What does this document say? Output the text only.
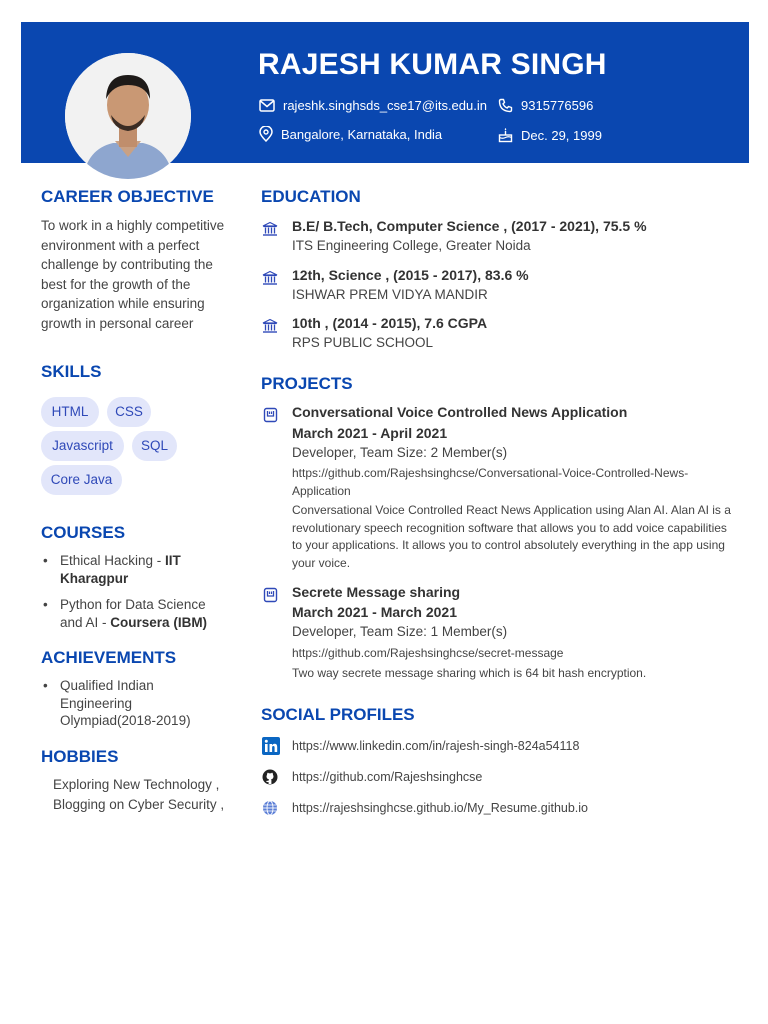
RAJESH KUMAR SINGH
rajeshk.singhsds_cse17@its.edu.in	9315776596
Bangalore, Karnataka, India	Dec. 29, 1999
CAREER OBJECTIVE
To work in a highly competitive environment with a perfect challenge by contributing the best for the growth of the organization while ensuring growth in personal career
SKILLS
HTML	CSS
Javascript	SQL
Core Java
COURSES
• Ethical Hacking - IIT Kharagpur
• Python for Data Science and AI - Coursera (IBM)
ACHIEVEMENTS
• Qualified Indian Engineering Olympiad(2018-2019)
HOBBIES
Exploring New Technology , Blogging on Cyber Security ,
EDUCATION
B.E/ B.Tech, Computer Science , (2017 - 2021), 75.5 %
ITS Engineering College, Greater Noida
12th, Science , (2015 - 2017), 83.6 %
ISHWAR PREM VIDYA MANDIR
10th , (2014 - 2015), 7.6 CGPA
RPS PUBLIC SCHOOL
PROJECTS
Conversational Voice Controlled News Application
March 2021 - April 2021
Developer, Team Size: 2 Member(s)
https://github.com/Rajeshsinghcse/Conversational-Voice-Controlled-News-Application
Conversational Voice Controlled React News Application using Alan AI. Alan AI is a revolutionary speech recognition software that allows you to add voice capabilities to your applications. It allows you to control absolutely everything in the app using your voice.
Secrete Message sharing
March 2021 - March 2021
Developer, Team Size: 1 Member(s)
https://github.com/Rajeshsinghcse/secret-message
Two way secrete message sharing which is 64 bit hash encryption.
SOCIAL PROFILES
https://www.linkedin.com/in/rajesh-singh-824a54118
https://github.com/Rajeshsinghcse
https://rajeshsinghcse.github.io/My_Resume.github.io
